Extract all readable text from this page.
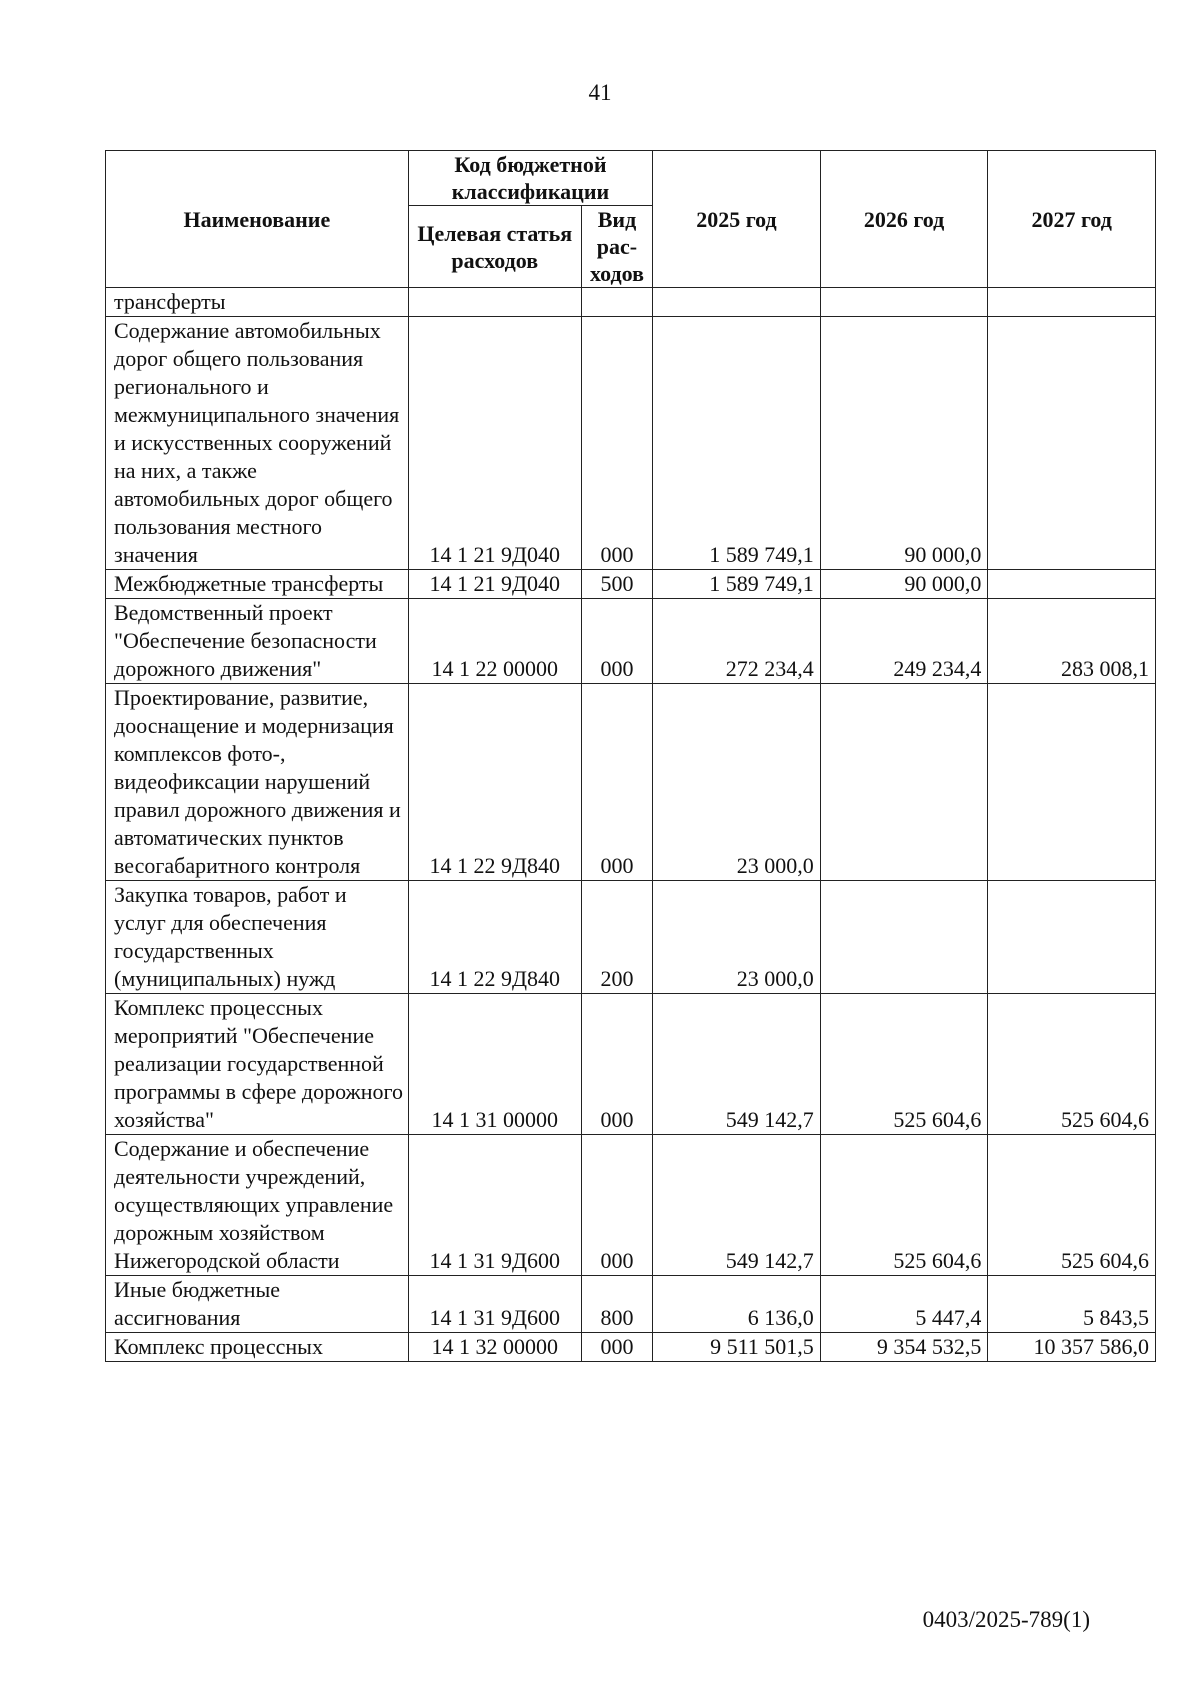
41
Наименование	Код бюджетной классификации		2025 год	2026 год	2027 год
	Целевая статья расходов	Вид рас-ходов			
трансферты					
Содержание автомобильных дорог общего пользования регионального и межмуниципального значения и искусственных сооружений на них, а также автомобильных дорог общего пользования местного значения	14 1 21 9Д040	000	1 589 749,1	90 000,0	
Межбюджетные трансферты	14 1 21 9Д040	500	1 589 749,1	90 000,0	
Ведомственный проект "Обеспечение безопасности дорожного движения"	14 1 22 00000	000	272 234,4	249 234,4	283 008,1
Проектирование, развитие, дооснащение и модернизация комплексов фото-, видеофиксации нарушений правил дорожного движения и автоматических пунктов весогабаритного контроля	14 1 22 9Д840	000	23 000,0		
Закупка товаров, работ и услуг для обеспечения государственных (муниципальных) нужд	14 1 22 9Д840	200	23 000,0		
Комплекс процессных мероприятий "Обеспечение реализации государственной программы в сфере дорожного хозяйства"	14 1 31 00000	000	549 142,7	525 604,6	525 604,6
Содержание и обеспечение деятельности учреждений, осуществляющих управление дорожным хозяйством Нижегородской области	14 1 31 9Д600	000	549 142,7	525 604,6	525 604,6
Иные бюджетные ассигнования	14 1 31 9Д600	800	6 136,0	5 447,4	5 843,5
Комплекс процессных	14 1 32 00000	000	9 511 501,5	9 354 532,5	10 357 586,0
0403/2025-789(1)
